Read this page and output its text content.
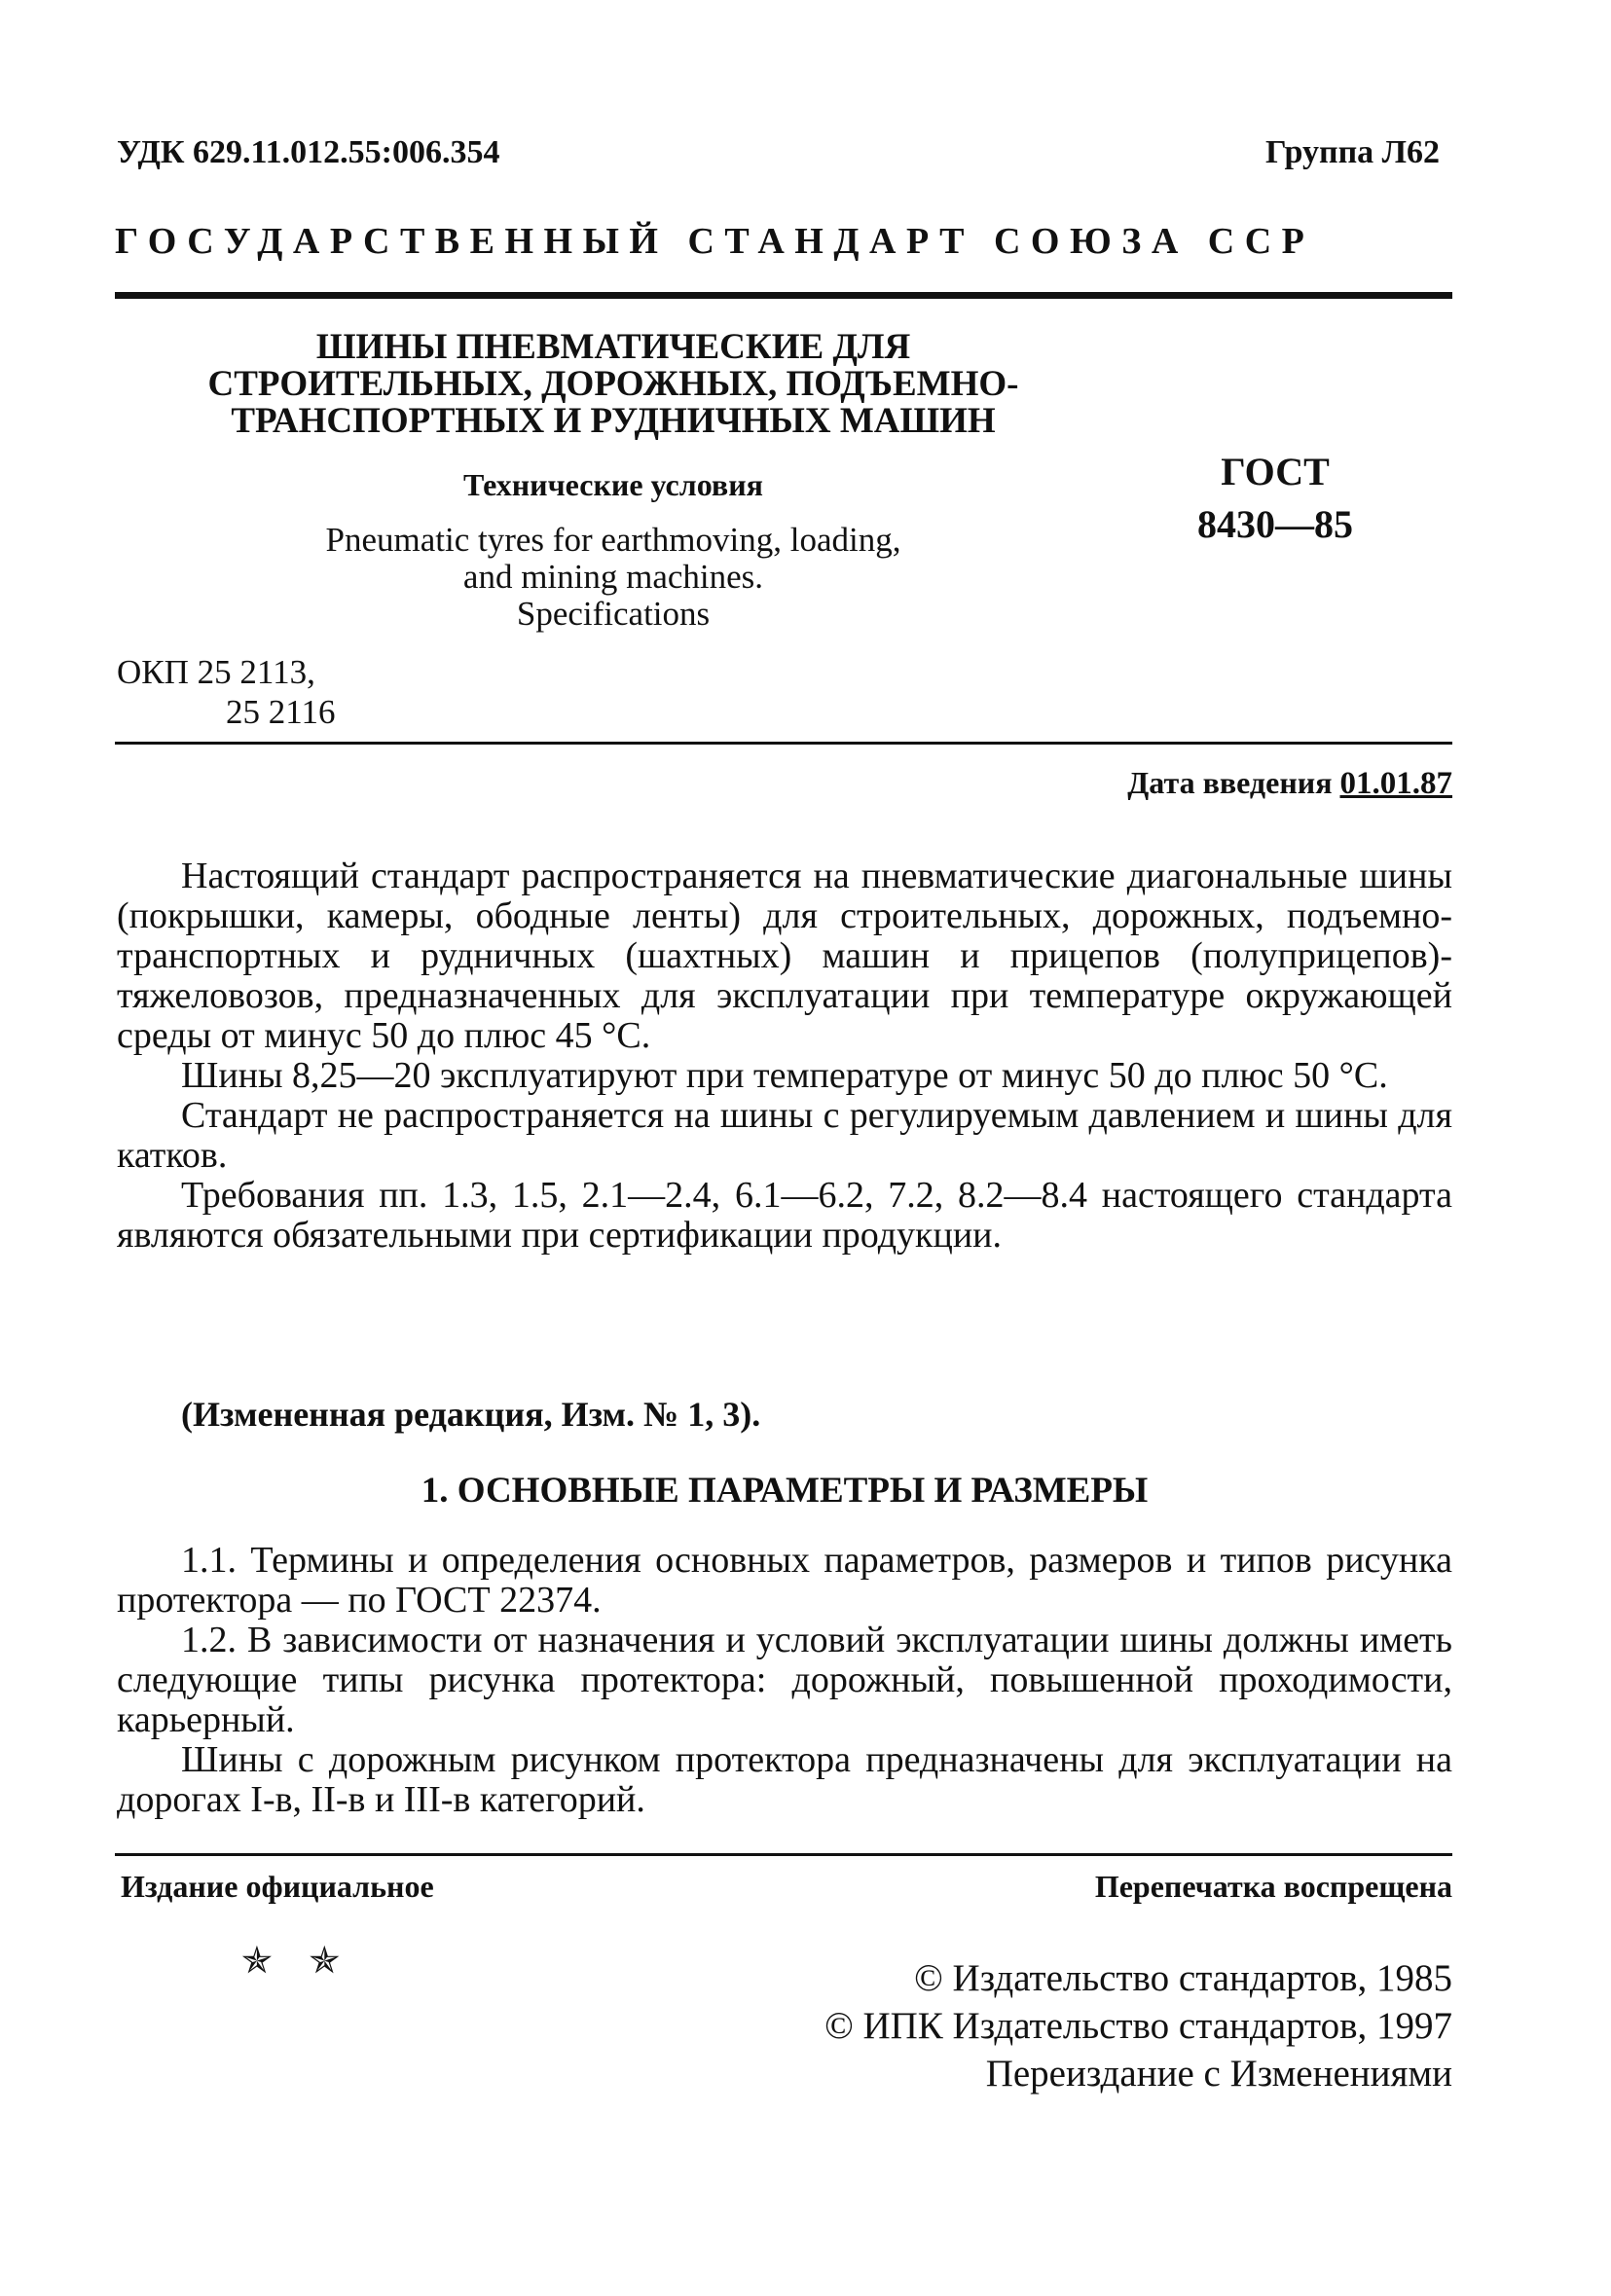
УДК 629.11.012.55:006.354	Группа Л62
ГОСУДАРСТВЕННЫЙ СТАНДАРТ СОЮЗА ССР
ШИНЫ ПНЕВМАТИЧЕСКИЕ ДЛЯ
СТРОИТЕЛЬНЫХ, ДОРОЖНЫХ, ПОДЪЕМНО-
ТРАНСПОРТНЫХ И РУДНИЧНЫХ МАШИН
Технические условия
Pneumatic tyres for earthmoving, loading,
and mining machines.
Specifications
ГОСТ
8430—85
ОКП 25 2113,
25 2116
Дата введения 01.01.87

Настоящий стандарт распространяется на пневматические диагональные шины (покрышки, камеры, ободные ленты) для строительных, дорожных, подъемно-транспортных и рудничных (шахтных) машин и прицепов (полуприцепов)-тяжеловозов, предназначенных для эксплуатации при температуре окружающей среды от минус 50 до плюс 45 °С.

Шины 8,25—20 эксплуатируют при температуре от минус 50 до плюс 50 °С.

Стандарт не распространяется на шины с регулируемым давлением и шины для катков.

Требования пп. 1.3, 1.5, 2.1—2.4, 6.1—6.2, 7.2, 8.2—8.4 настоящего стандарта являются обязательными при сертификации продукции.

(Измененная редакция, Изм. № 1, 3).
1. ОСНОВНЫЕ ПАРАМЕТРЫ И РАЗМЕРЫ

1.1. Термины и определения основных параметров, размеров и типов рисунка протектора — по ГОСТ 22374.

1.2. В зависимости от назначения и условий эксплуатации шины должны иметь следующие типы рисунка протектора: дорожный, повышенной проходимости, карьерный.

Шины с дорожным рисунком протектора предназначены для эксплуатации на дорогах I-в, II-в и III-в категорий.

Издание официальное	Перепечатка воспрещена
✯ ✯	© Издательство стандартов, 1985
© ИПК Издательство стандартов, 1997
Переиздание с Изменениями
